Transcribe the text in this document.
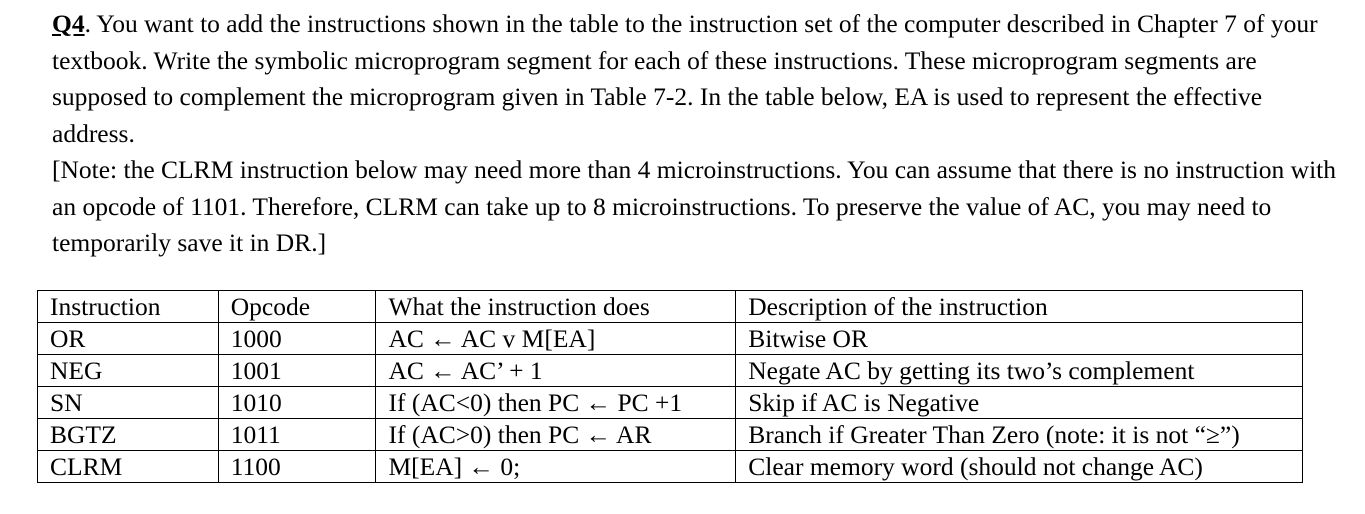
Q4. You want to add the instructions shown in the table to the instruction set of the computer described in Chapter 7 of your textbook. Write the symbolic microprogram segment for each of these instructions. These microprogram segments are supposed to complement the microprogram given in Table 7-2. In the table below, EA is used to represent the effective address.

[Note: the CLRM instruction below may need more than 4 microinstructions. You can assume that there is no instruction with an opcode of 1101. Therefore, CLRM can take up to 8 microinstructions. To preserve the value of AC, you may need to temporarily save it in DR.]

Instruction	Opcode	What the instruction does	Description of the instruction
OR	1000	AC ← AC v M[EA]	Bitwise OR
NEG	1001	AC ← AC’ + 1	Negate AC by getting its two’s complement
SN	1010	If (AC<0) then PC ← PC +1	Skip if AC is Negative
BGTZ	1011	If (AC>0) then PC ← AR	Branch if Greater Than Zero (note: it is not “≥”)
CLRM	1100	M[EA] ← 0;	Clear memory word (should not change AC)
